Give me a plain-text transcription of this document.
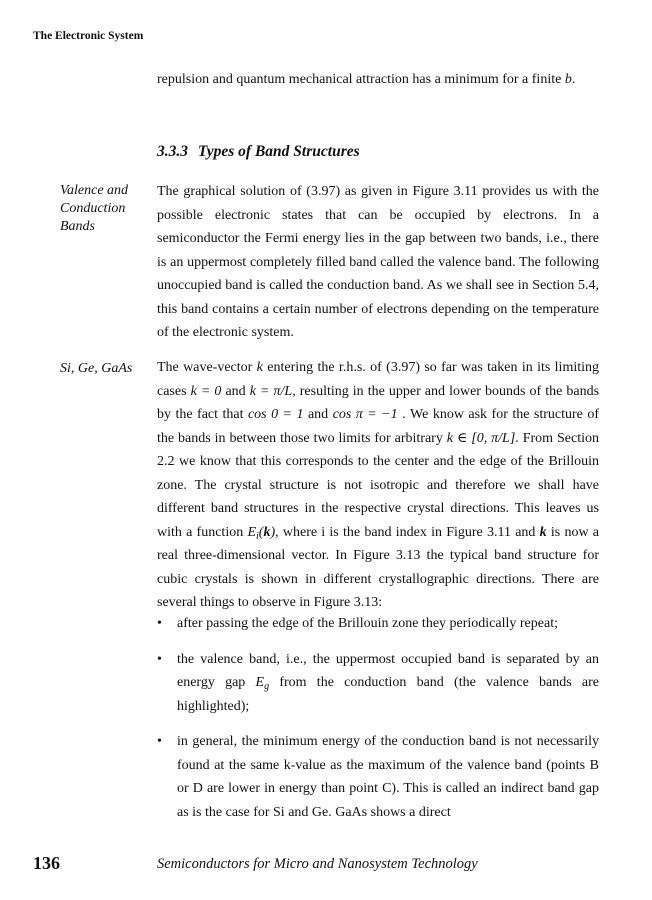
The Electronic System

repulsion and quantum mechanical attraction has a minimum for a finite b.

3.3.3 Types of Band Structures
Valence and Conduction Bands

The graphical solution of (3.97) as given in Figure 3.11 provides us with the possible electronic states that can be occupied by electrons. In a semiconductor the Fermi energy lies in the gap between two bands, i.e., there is an uppermost completely filled band called the valence band. The following unoccupied band is called the conduction band. As we shall see in Section 5.4, this band contains a certain number of electrons depending on the temperature of the electronic system.

Si, Ge, GaAs	The wave-vector k entering the r.h.s. of (3.97) so far was taken in its limiting cases k = 0 and k = π/L, resulting in the upper and lower bounds of the bands by the fact that cos 0 = 1 and cos π = −1 . We know ask for the structure of the bands in between those two limits for arbitrary k ∈ [0, π/L]. From Section 2.2 we know that this corresponds to the center and the edge of the Brillouin zone. The crystal structure is not isotropic and therefore we shall have different band structures in the respective crystal directions. This leaves us with a function $E_i(k)$, where i is the band index in Figure 3.11 and k is now a real three-dimensional vector. In Figure 3.13 the typical band structure for cubic crystals is shown in different crystallographic directions. There are several things to observe in Figure 3.13:

• after passing the edge of the Brillouin zone they periodically repeat;
• the valence band, i.e., the uppermost occupied band is separated by an energy gap $E_g$ from the conduction band (the valence bands are highlighted);
• in general, the minimum energy of the conduction band is not necessarily found at the same k-value as the maximum of the valence band (points B or D are lower in energy than point C). This is called an indirect band gap as is the case for Si and Ge. GaAs shows a direct
136	Semiconductors for Micro and Nanosystem Technology
